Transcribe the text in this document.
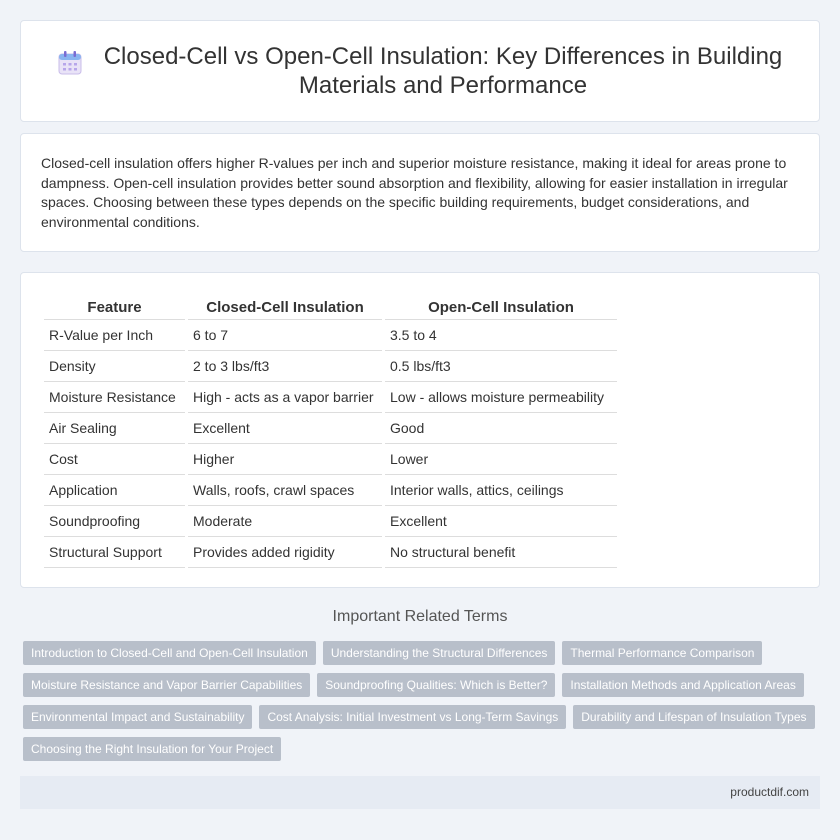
Closed-Cell vs Open-Cell Insulation: Key Differences in Building Materials and Performance

Closed-cell insulation offers higher R-values per inch and superior moisture resistance, making it ideal for areas prone to dampness. Open-cell insulation provides better sound absorption and flexibility, allowing for easier installation in irregular spaces. Choosing between these types depends on the specific building requirements, budget considerations, and environmental conditions.

Feature	Closed-Cell Insulation	Open-Cell Insulation
R-Value per Inch	6 to 7	3.5 to 4
Density	2 to 3 lbs/ft3	0.5 lbs/ft3
Moisture Resistance	High - acts as a vapor barrier	Low - allows moisture permeability
Air Sealing	Excellent	Good
Cost	Higher	Lower
Application	Walls, roofs, crawl spaces	Interior walls, attics, ceilings
Soundproofing	Moderate	Excellent
Structural Support	Provides added rigidity	No structural benefit
Important Related Terms
Introduction to Closed-Cell and Open-Cell Insulation	Understanding the Structural Differences	Thermal Performance Comparison
Moisture Resistance and Vapor Barrier Capabilities	Soundproofing Qualities: Which is Better?	Installation Methods and Application Areas
Environmental Impact and Sustainability	Cost Analysis: Initial Investment vs Long-Term Savings	Durability and Lifespan of Insulation Types
Choosing the Right Insulation for Your Project
productdif.com
